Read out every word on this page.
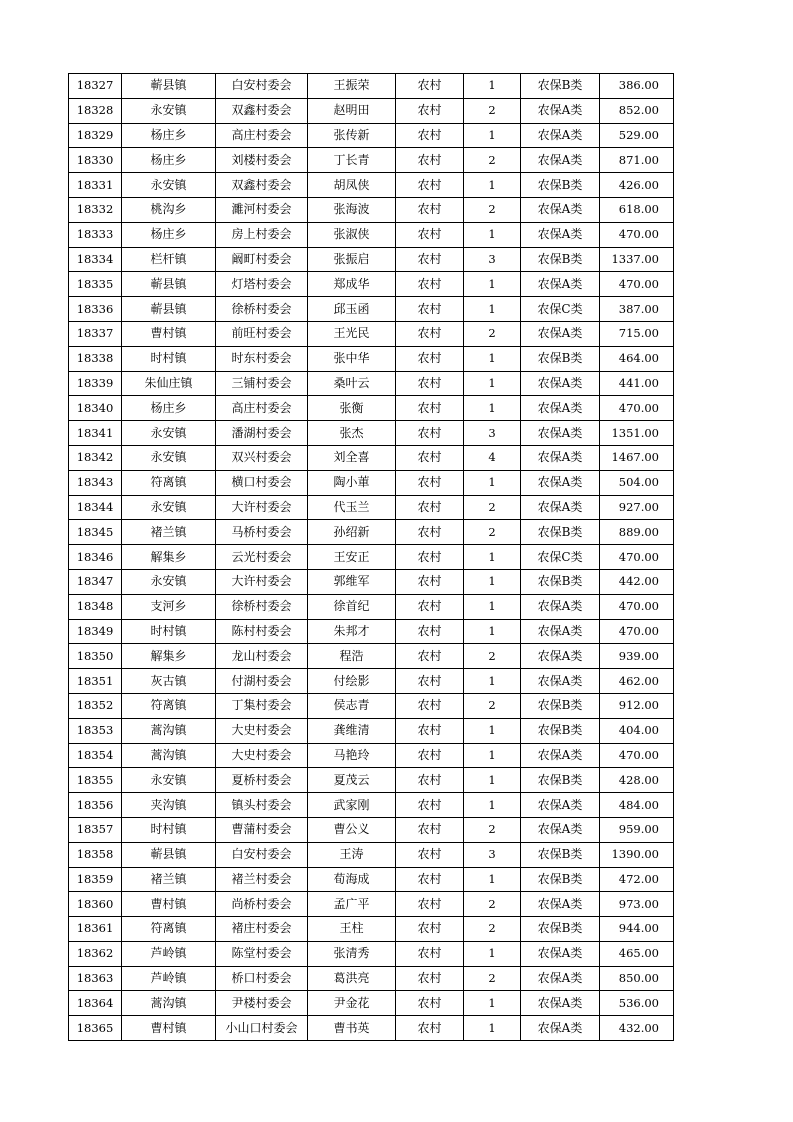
18327	蕲县镇	白安村委会	王振荣	农村	1	农保B类	386.00
18328	永安镇	双鑫村委会	赵明田	农村	2	农保A类	852.00
18329	杨庄乡	高庄村委会	张传新	农村	1	农保A类	529.00
18330	杨庄乡	刘楼村委会	丁长青	农村	2	农保A类	871.00
18331	永安镇	双鑫村委会	胡凤侠	农村	1	农保B类	426.00
18332	桃沟乡	濉河村委会	张海波	农村	2	农保A类	618.00
18333	杨庄乡	房上村委会	张淑侠	农村	1	农保A类	470.00
18334	栏杆镇	阚町村委会	张振启	农村	3	农保B类	1337.00
18335	蕲县镇	灯塔村委会	郑成华	农村	1	农保A类	470.00
18336	蕲县镇	徐桥村委会	邱玉函	农村	1	农保C类	387.00
18337	曹村镇	前旺村委会	王光民	农村	2	农保A类	715.00
18338	时村镇	时东村委会	张中华	农村	1	农保B类	464.00
18339	朱仙庄镇	三铺村委会	桑叶云	农村	1	农保A类	441.00
18340	杨庄乡	高庄村委会	张衡	农村	1	农保A类	470.00
18341	永安镇	潘湖村委会	张杰	农村	3	农保A类	1351.00
18342	永安镇	双兴村委会	刘全喜	农村	4	农保A类	1467.00
18343	符离镇	横口村委会	陶小莗	农村	1	农保A类	504.00
18344	永安镇	大许村委会	代玉兰	农村	2	农保A类	927.00
18345	褚兰镇	马桥村委会	孙绍新	农村	2	农保B类	889.00
18346	解集乡	云光村委会	王安正	农村	1	农保C类	470.00
18347	永安镇	大许村委会	郭维军	农村	1	农保B类	442.00
18348	支河乡	徐桥村委会	徐首纪	农村	1	农保A类	470.00
18349	时村镇	陈村村委会	朱邦才	农村	1	农保A类	470.00
18350	解集乡	龙山村委会	程浩	农村	2	农保A类	939.00
18351	灰古镇	付湖村委会	付绘影	农村	1	农保A类	462.00
18352	符离镇	丁集村委会	侯志青	农村	2	农保B类	912.00
18353	蒿沟镇	大史村委会	龚维清	农村	1	农保B类	404.00
18354	蒿沟镇	大史村委会	马艳玲	农村	1	农保A类	470.00
18355	永安镇	夏桥村委会	夏茂云	农村	1	农保B类	428.00
18356	夹沟镇	镇头村委会	武家刚	农村	1	农保A类	484.00
18357	时村镇	曹蒲村委会	曹公义	农村	2	农保A类	959.00
18358	蕲县镇	白安村委会	王涛	农村	3	农保B类	1390.00
18359	褚兰镇	褚兰村委会	荀海成	农村	1	农保B类	472.00
18360	曹村镇	尚桥村委会	孟广平	农村	2	农保A类	973.00
18361	符离镇	褚庄村委会	王柱	农村	2	农保B类	944.00
18362	芦岭镇	陈堂村委会	张清秀	农村	1	农保A类	465.00
18363	芦岭镇	桥口村委会	葛洪亮	农村	2	农保A类	850.00
18364	蒿沟镇	尹楼村委会	尹金花	农村	1	农保A类	536.00
18365	曹村镇	小山口村委会	曹书英	农村	1	农保A类	432.00
